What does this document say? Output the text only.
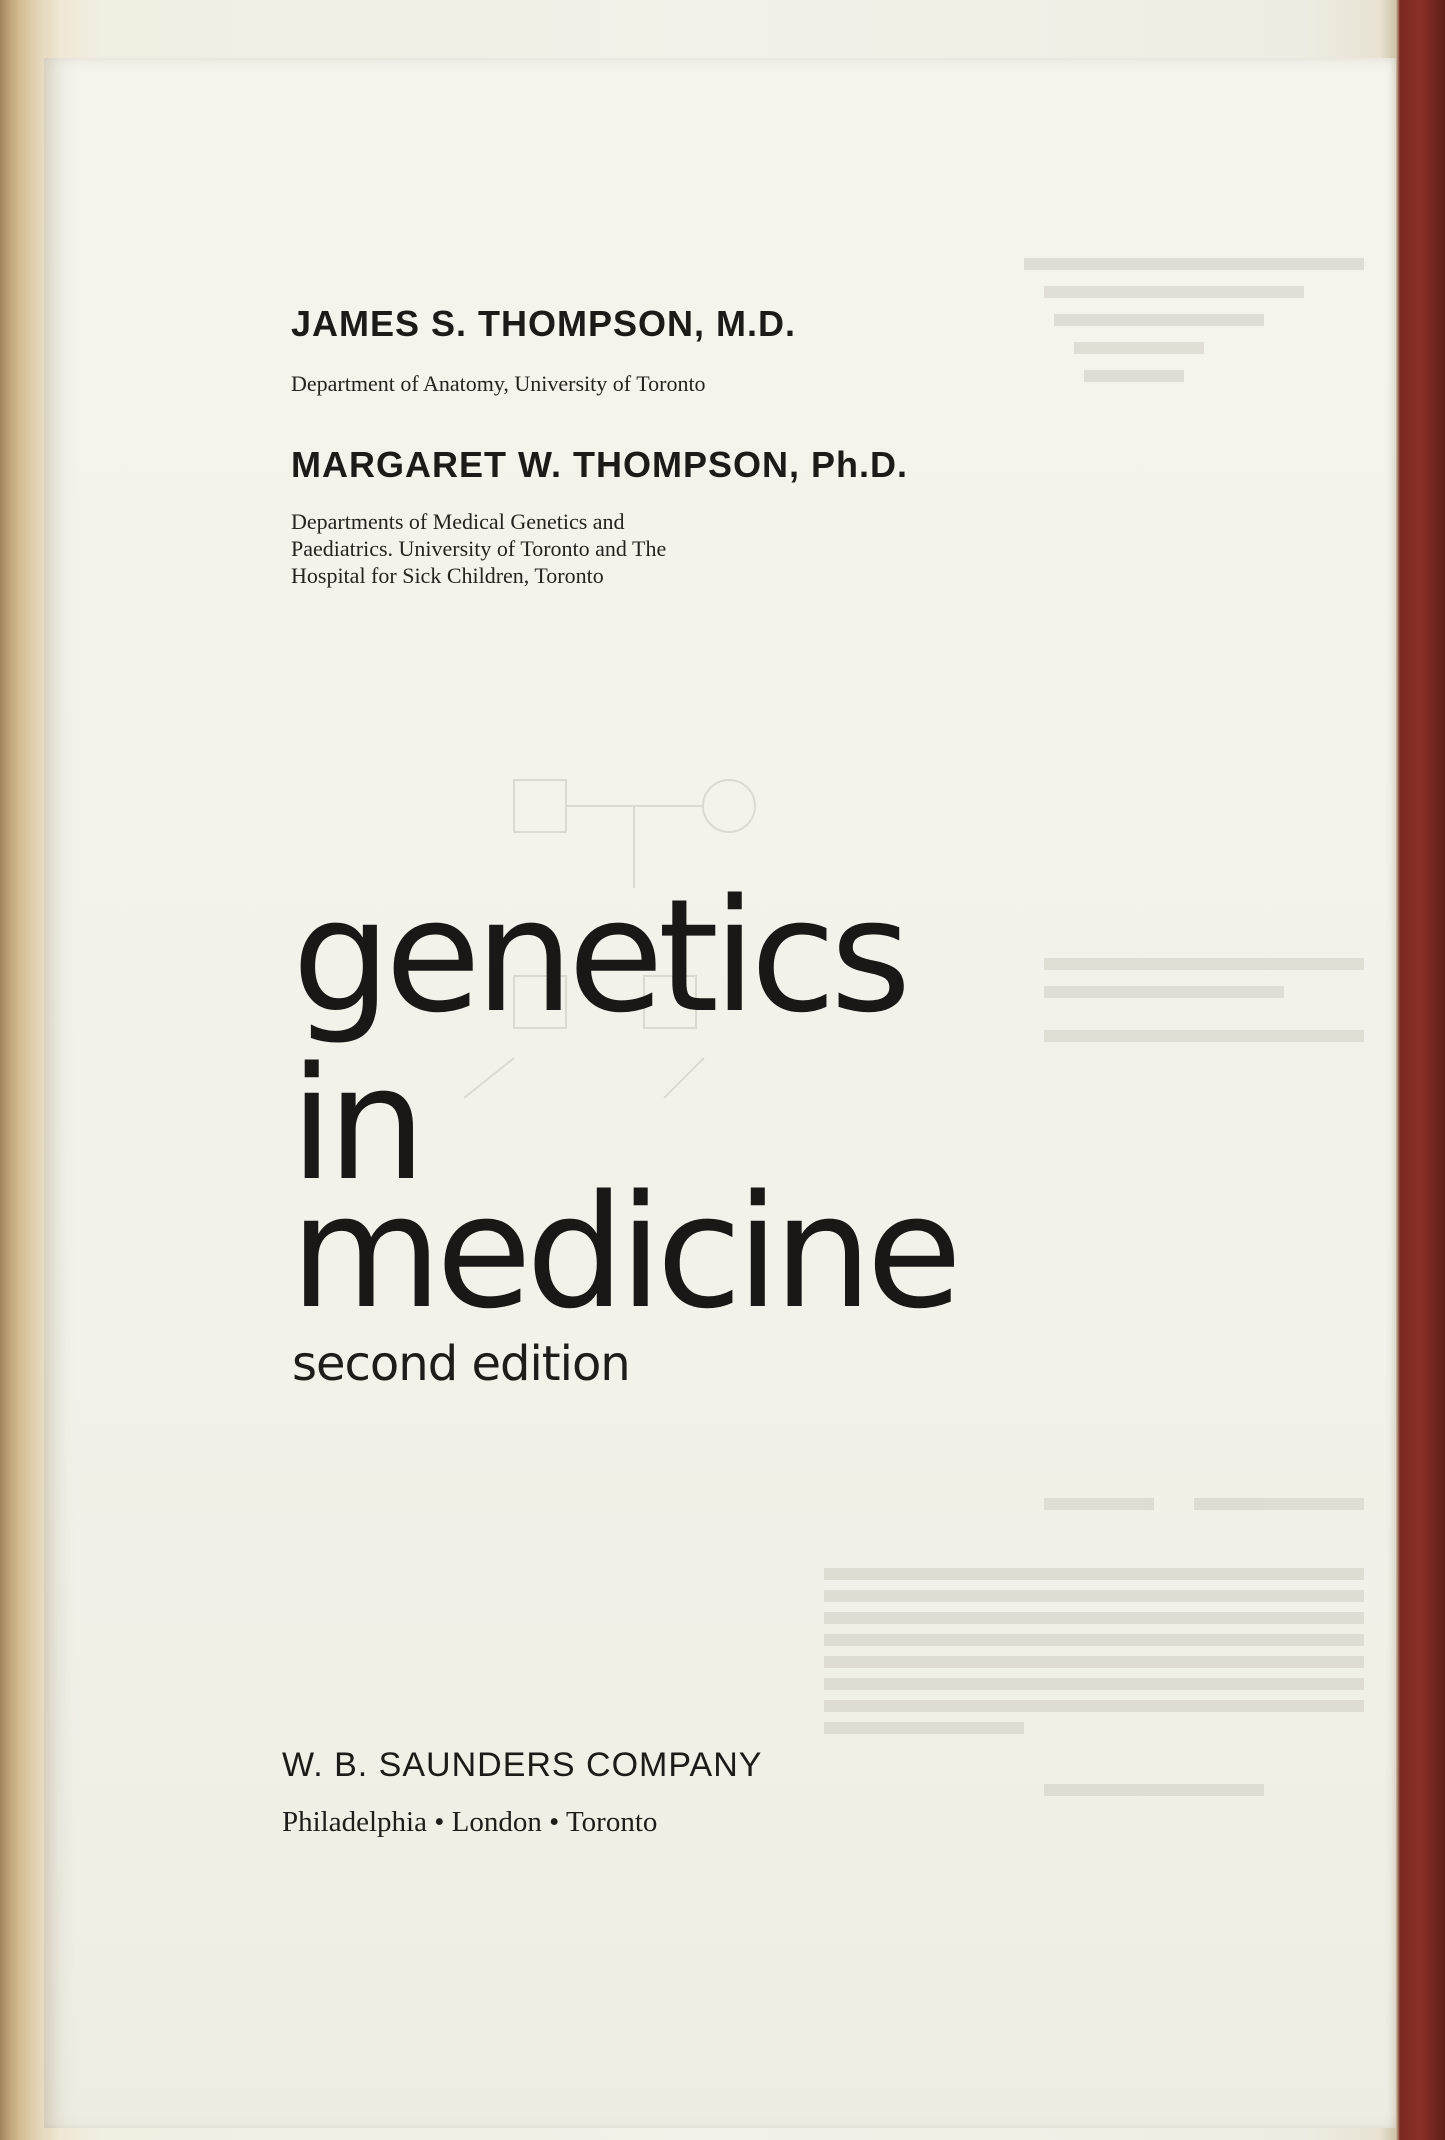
JAMES S. THOMPSON, M.D.

Department of Anatomy, University of Toronto

MARGARET W. THOMPSON, Ph.D.

Departments of Medical Genetics and
Paediatrics. University of Toronto and The
Hospital for Sick Children, Toronto

genetics
in
medicine

second edition

W. B. SAUNDERS COMPANY

Philadelphia • London • Toronto
